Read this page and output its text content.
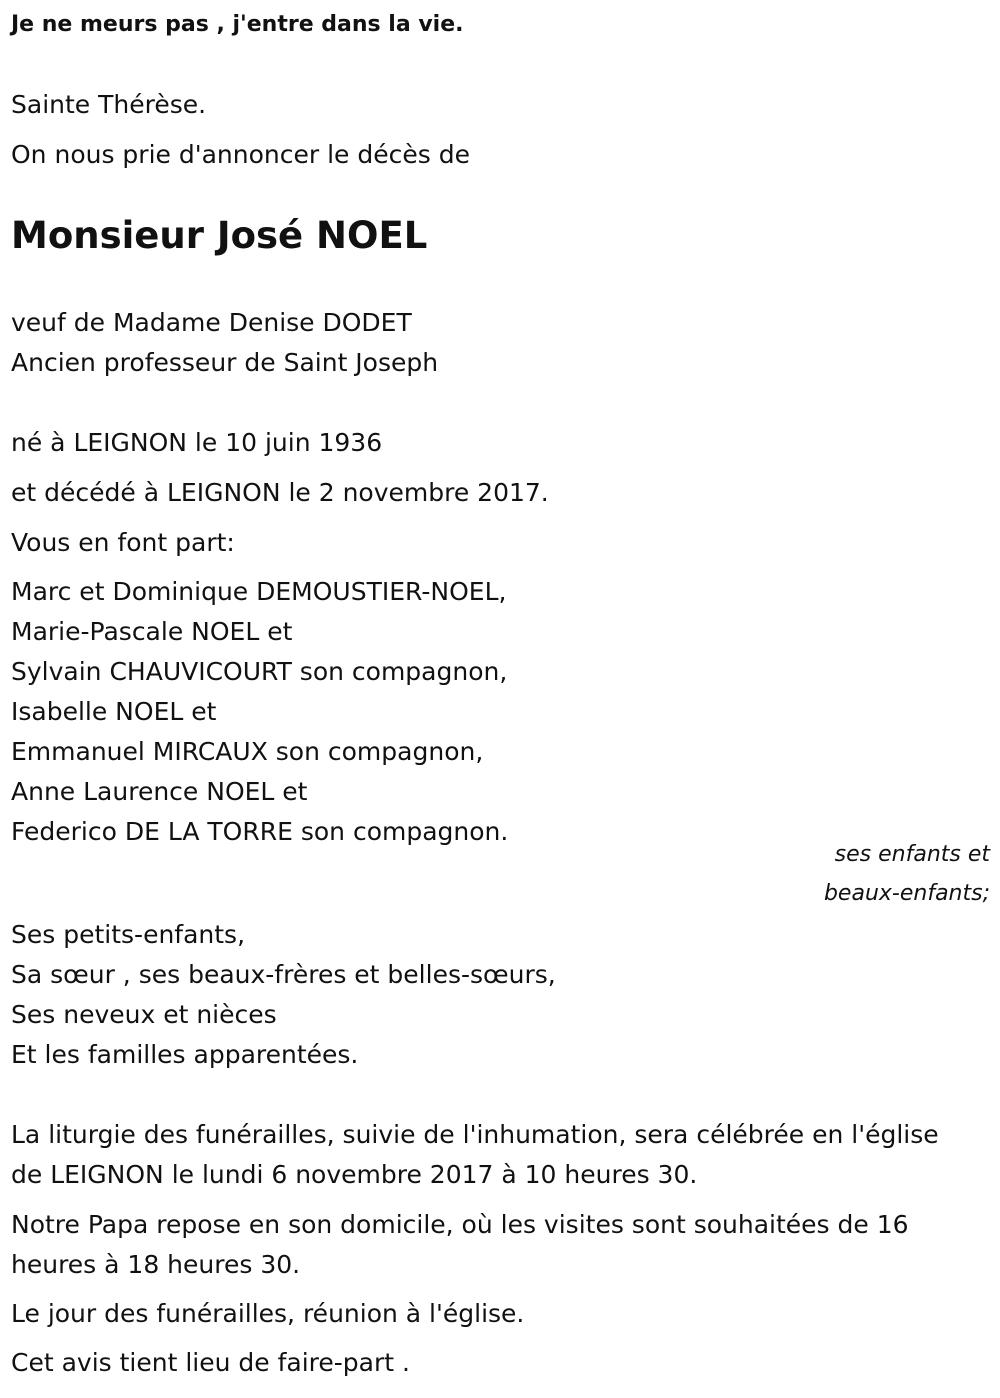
Je ne meurs pas , j'entre dans la vie.
Sainte Thérèse.
On nous prie d'annoncer le décès de
Monsieur José NOEL
veuf de Madame Denise DODET
Ancien professeur de Saint Joseph
né à LEIGNON le 10 juin 1936
et décédé à LEIGNON le 2 novembre 2017.
Vous en font part:
Marc et Dominique DEMOUSTIER-NOEL,
Marie-Pascale NOEL et
Sylvain CHAUVICOURT son compagnon,
Isabelle NOEL et
Emmanuel MIRCAUX son compagnon,
Anne Laurence NOEL et
Federico DE LA TORRE son compagnon.
ses enfants et
beaux-enfants;
Ses petits-enfants,
Sa sœur , ses beaux-frères et belles-sœurs,
Ses neveux et nièces
Et les familles apparentées.
La liturgie des funérailles, suivie de l'inhumation, sera célébrée en l'église
de LEIGNON le lundi 6 novembre 2017 à 10 heures 30.
Notre Papa repose en son domicile, où les visites sont souhaitées de 16
heures à 18 heures 30.
Le jour des funérailles, réunion à l'église.
Cet avis tient lieu de faire-part .
